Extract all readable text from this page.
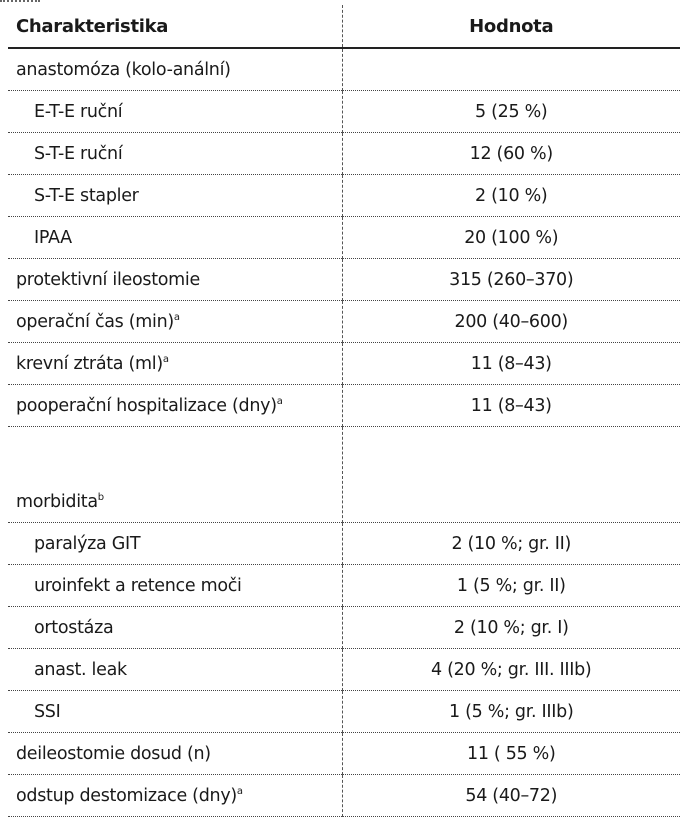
Charakteristika	Hodnota
anastomóza (kolo-anální)	
E-T-E ruční	5 (25 %)
S-T-E ruční	12 (60 %)
S-T-E stapler	2 (10 %)
IPAA	20 (100 %)
protektivní ileostomie	315 (260–370)
operační čas $(\min)^a$	200 (40–600)
krevní ztráta (ml)$^a$	11 (8–43)
pooperační hospitalizace (dny)$^a$	11 (8–43)
morbidita$^b$	
paralýza GIT	2 (10 %; gr. II)
uroinfekt a retence moči	1 (5 %; gr. II)
ortostáza	2 (10 %; gr. I)
anast. leak	4 (20 %; gr. III. IIIb)
SSI	1 (5 %; gr. IIIb)
deileostomie dosud (n)	11 ( 55 %)
odstup destomizace (dny)$^a$	54 (40–72)
